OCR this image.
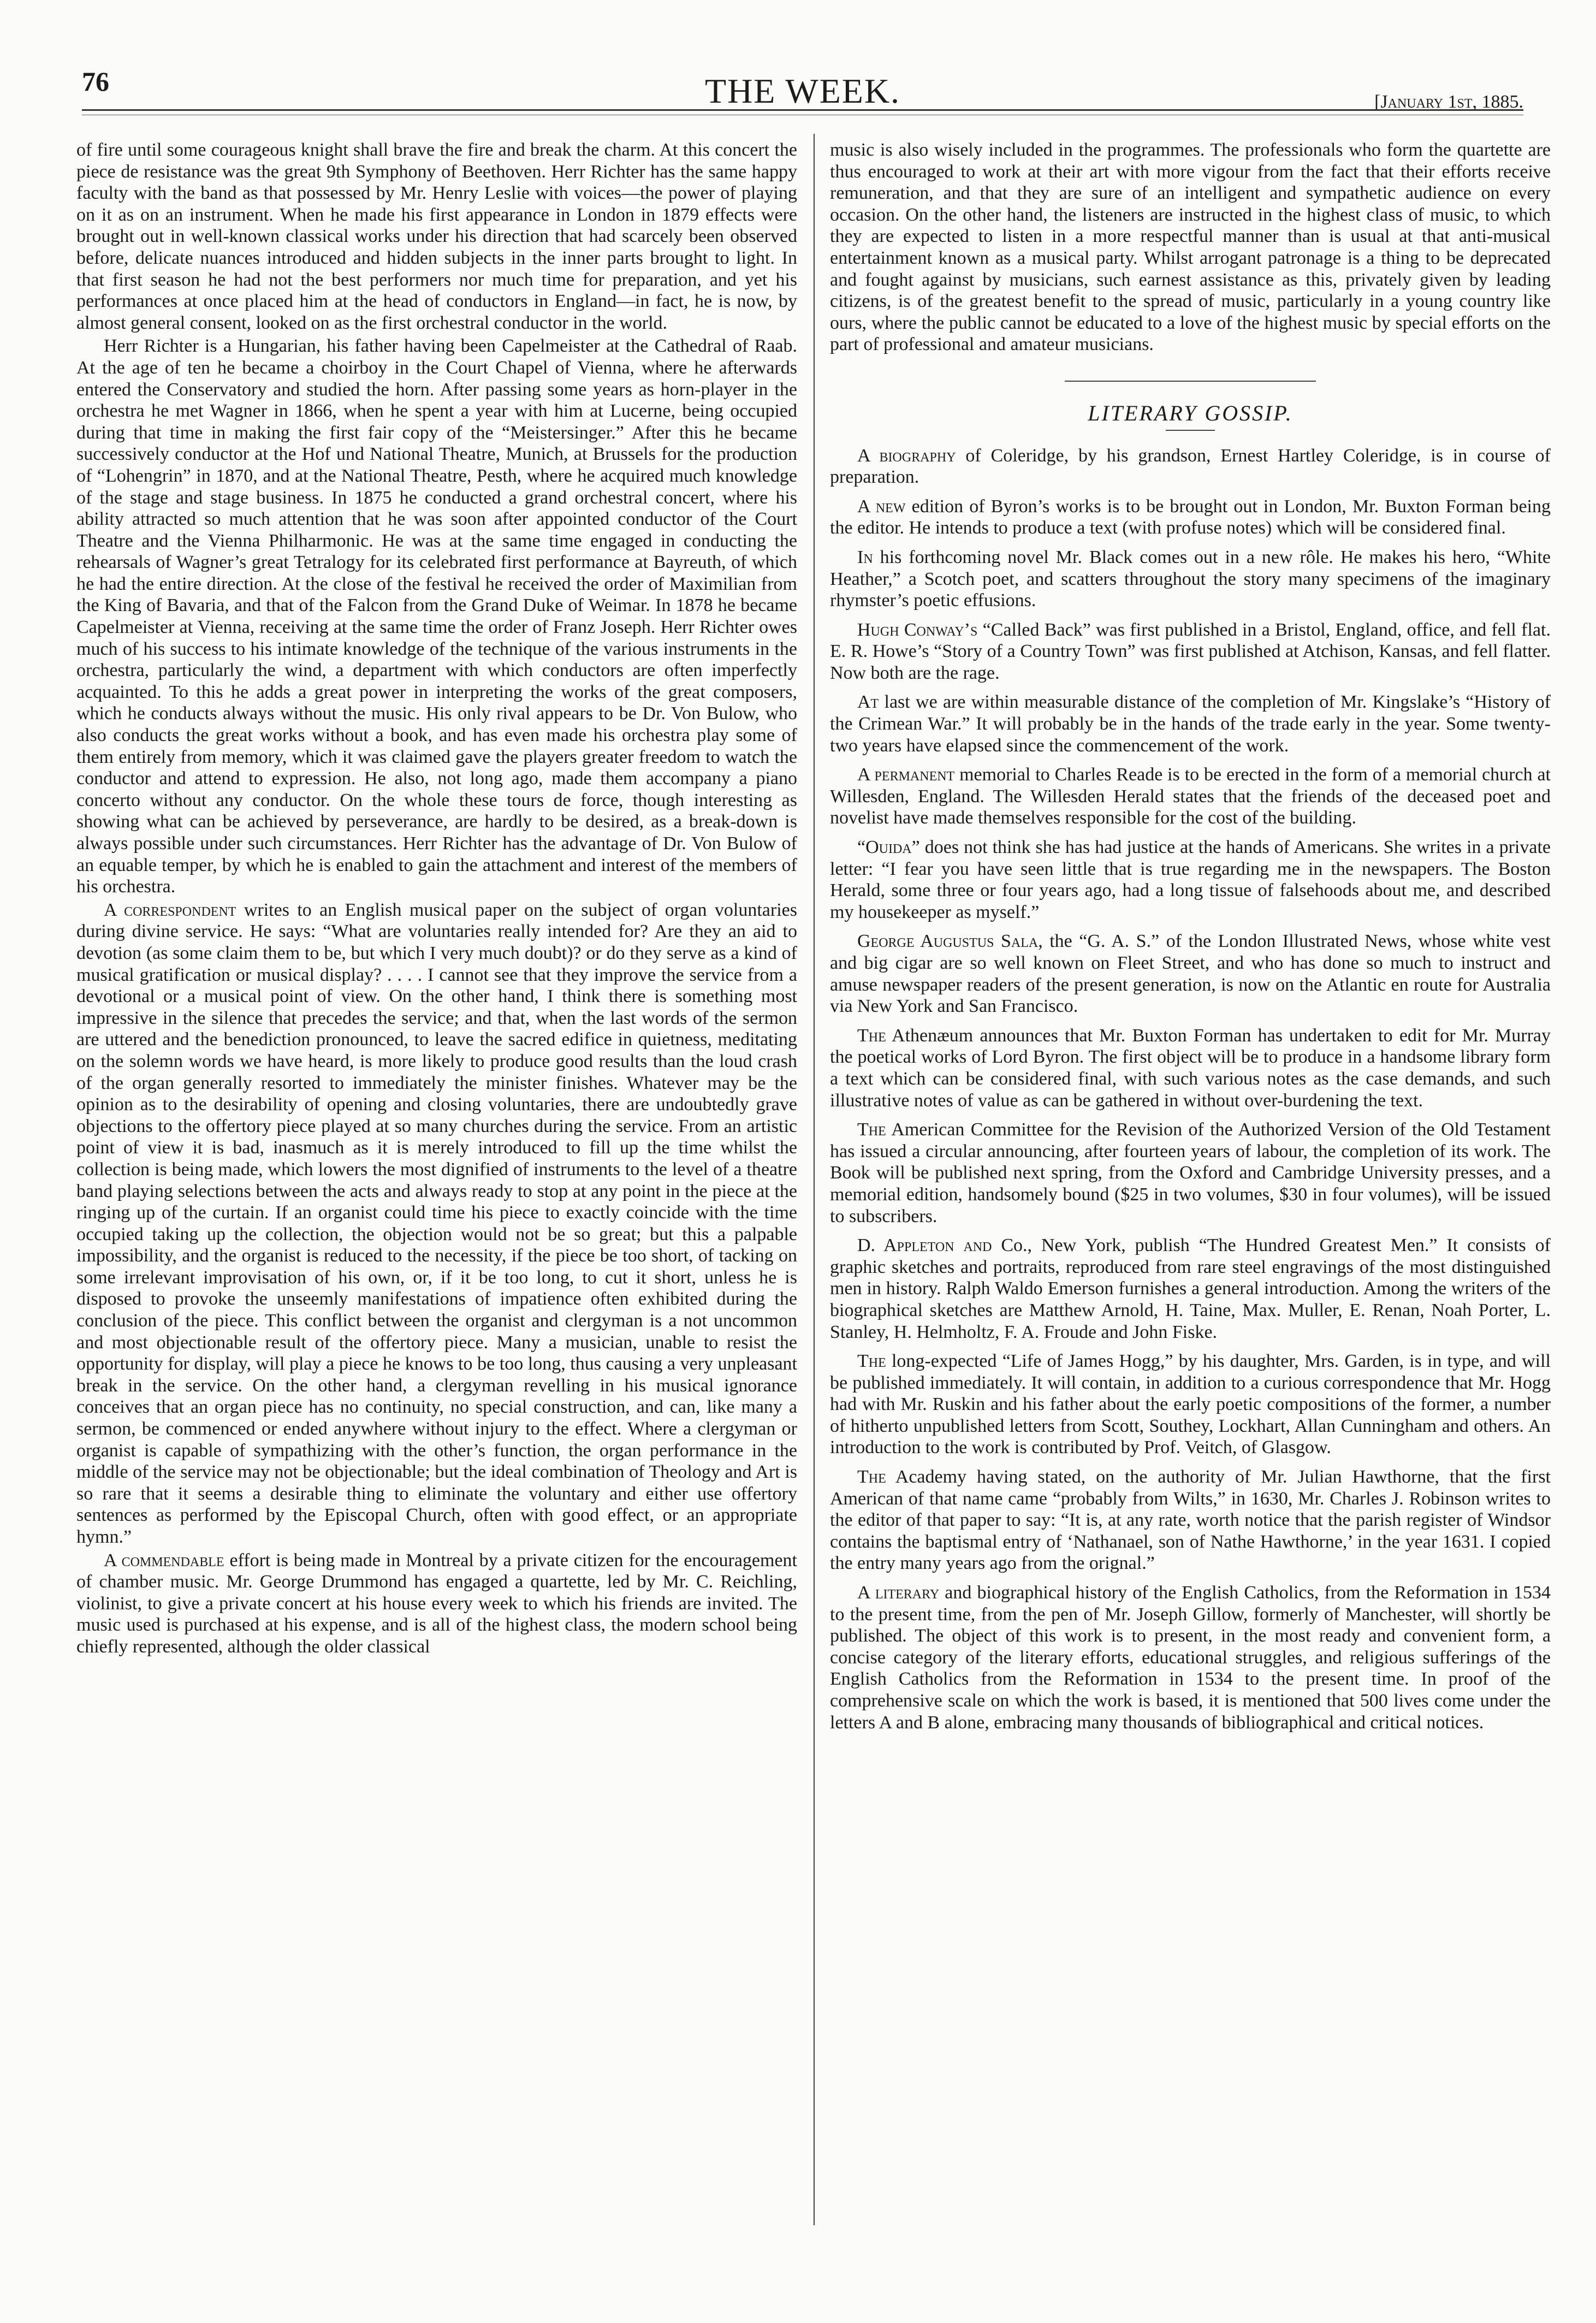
76	THE WEEK.	[January 1st, 1885.

of fire until some courageous knight shall brave the fire and break the charm. At this concert the piece de resistance was the great 9th Symphony of Beethoven. Herr Richter has the same happy faculty with the band as that possessed by Mr. Henry Leslie with voices—the power of playing on it as on an instrument. When he made his first appearance in London in 1879 effects were brought out in well-known classical works under his direction that had scarcely been observed before, delicate nuances introduced and hidden subjects in the inner parts brought to light. In that first season he had not the best performers nor much time for preparation, and yet his performances at once placed him at the head of conductors in England—in fact, he is now, by almost general consent, looked on as the first orchestral conductor in the world.

Herr Richter is a Hungarian, his father having been Capelmeister at the Cathedral of Raab. At the age of ten he became a choirboy in the Court Chapel of Vienna, where he afterwards entered the Conservatory and studied the horn. After passing some years as horn-player in the orchestra he met Wagner in 1866, when he spent a year with him at Lucerne, being occupied during that time in making the first fair copy of the “Meistersinger.” After this he became successively conductor at the Hof und National Theatre, Munich, at Brussels for the production of “Lohengrin” in 1870, and at the National Theatre, Pesth, where he acquired much knowledge of the stage and stage business. In 1875 he conducted a grand orchestral concert, where his ability attracted so much attention that he was soon after appointed conductor of the Court Theatre and the Vienna Philharmonic. He was at the same time engaged in conducting the rehearsals of Wagner’s great Tetralogy for its celebrated first performance at Bayreuth, of which he had the entire direction. At the close of the festival he received the order of Maximilian from the King of Bavaria, and that of the Falcon from the Grand Duke of Weimar. In 1878 he became Capelmeister at Vienna, receiving at the same time the order of Franz Joseph. Herr Richter owes much of his success to his intimate knowledge of the technique of the various instruments in the orchestra, particularly the wind, a department with which conductors are often imperfectly acquainted. To this he adds a great power in interpreting the works of the great composers, which he conducts always without the music. His only rival appears to be Dr. Von Bulow, who also conducts the great works without a book, and has even made his orchestra play some of them entirely from memory, which it was claimed gave the players greater freedom to watch the conductor and attend to expression. He also, not long ago, made them accompany a piano concerto without any conductor. On the whole these tours de force, though interesting as showing what can be achieved by perseverance, are hardly to be desired, as a break-down is always possible under such circumstances. Herr Richter has the advantage of Dr. Von Bulow of an equable temper, by which he is enabled to gain the attachment and interest of the members of his orchestra.

A correspondent writes to an English musical paper on the subject of organ voluntaries during divine service. He says: “What are voluntaries really intended for? Are they an aid to devotion (as some claim them to be, but which I very much doubt)? or do they serve as a kind of musical gratification or musical display? . . . . I cannot see that they improve the service from a devotional or a musical point of view. On the other hand, I think there is something most impressive in the silence that precedes the service; and that, when the last words of the sermon are uttered and the benediction pronounced, to leave the sacred edifice in quietness, meditating on the solemn words we have heard, is more likely to produce good results than the loud crash of the organ generally resorted to immediately the minister finishes. Whatever may be the opinion as to the desirability of opening and closing voluntaries, there are undoubtedly grave objections to the offertory piece played at so many churches during the service. From an artistic point of view it is bad, inasmuch as it is merely introduced to fill up the time whilst the collection is being made, which lowers the most dignified of instruments to the level of a theatre band playing selections between the acts and always ready to stop at any point in the piece at the ringing up of the curtain. If an organist could time his piece to exactly coincide with the time occupied taking up the collection, the objection would not be so great; but this a palpable impossibility, and the organist is reduced to the necessity, if the piece be too short, of tacking on some irrelevant improvisation of his own, or, if it be too long, to cut it short, unless he is disposed to provoke the unseemly manifestations of impatience often exhibited during the conclusion of the piece. This conflict between the organist and clergyman is a not uncommon and most objectionable result of the offertory piece. Many a musician, unable to resist the opportunity for display, will play a piece he knows to be too long, thus causing a very unpleasant break in the service. On the other hand, a clergyman revelling in his musical ignorance conceives that an organ piece has no continuity, no special construction, and can, like many a sermon, be commenced or ended anywhere without injury to the effect. Where a clergyman or organist is capable of sympathizing with the other’s function, the organ performance in the middle of the service may not be objectionable; but the ideal combination of Theology and Art is so rare that it seems a desirable thing to eliminate the voluntary and either use offertory sentences as performed by the Episcopal Church, often with good effect, or an appropriate hymn.”

A commendable effort is being made in Montreal by a private citizen for the encouragement of chamber music. Mr. George Drummond has engaged a quartette, led by Mr. C. Reichling, violinist, to give a private concert at his house every week to which his friends are invited. The music used is purchased at his expense, and is all of the highest class, the modern school being chiefly represented, although the older classical

music is also wisely included in the programmes. The professionals who form the quartette are thus encouraged to work at their art with more vigour from the fact that their efforts receive remuneration, and that they are sure of an intelligent and sympathetic audience on every occasion. On the other hand, the listeners are instructed in the highest class of music, to which they are expected to listen in a more respectful manner than is usual at that anti-musical entertainment known as a musical party. Whilst arrogant patronage is a thing to be deprecated and fought against by musicians, such earnest assistance as this, privately given by leading citizens, is of the greatest benefit to the spread of music, particularly in a young country like ours, where the public cannot be educated to a love of the highest music by special efforts on the part of professional and amateur musicians.

LITERARY GOSSIP.

A biography of Coleridge, by his grandson, Ernest Hartley Coleridge, is in course of preparation.

A new edition of Byron’s works is to be brought out in London, Mr. Buxton Forman being the editor. He intends to produce a text (with profuse notes) which will be considered final.

In his forthcoming novel Mr. Black comes out in a new rôle. He makes his hero, “White Heather,” a Scotch poet, and scatters throughout the story many specimens of the imaginary rhymster’s poetic effusions.

Hugh Conway’s “Called Back” was first published in a Bristol, England, office, and fell flat. E. R. Howe’s “Story of a Country Town” was first published at Atchison, Kansas, and fell flatter. Now both are the rage.

At last we are within measurable distance of the completion of Mr. Kingslake’s “History of the Crimean War.” It will probably be in the hands of the trade early in the year. Some twenty-two years have elapsed since the commencement of the work.

A permanent memorial to Charles Reade is to be erected in the form of a memorial church at Willesden, England. The Willesden Herald states that the friends of the deceased poet and novelist have made themselves responsible for the cost of the building.

“Ouida” does not think she has had justice at the hands of Americans. She writes in a private letter: “I fear you have seen little that is true regarding me in the newspapers. The Boston Herald, some three or four years ago, had a long tissue of falsehoods about me, and described my housekeeper as myself.”

George Augustus Sala, the “G. A. S.” of the London Illustrated News, whose white vest and big cigar are so well known on Fleet Street, and who has done so much to instruct and amuse newspaper readers of the present generation, is now on the Atlantic en route for Australia via New York and San Francisco.

The Athenæum announces that Mr. Buxton Forman has undertaken to edit for Mr. Murray the poetical works of Lord Byron. The first object will be to produce in a handsome library form a text which can be considered final, with such various notes as the case demands, and such illustrative notes of value as can be gathered in without over-burdening the text.

The American Committee for the Revision of the Authorized Version of the Old Testament has issued a circular announcing, after fourteen years of labour, the completion of its work. The Book will be published next spring, from the Oxford and Cambridge University presses, and a memorial edition, handsomely bound ($25 in two volumes, $30 in four volumes), will be issued to subscribers.

D. Appleton and Co., New York, publish “The Hundred Greatest Men.” It consists of graphic sketches and portraits, reproduced from rare steel engravings of the most distinguished men in history. Ralph Waldo Emerson furnishes a general introduction. Among the writers of the biographical sketches are Matthew Arnold, H. Taine, Max. Muller, E. Renan, Noah Porter, L. Stanley, H. Helmholtz, F. A. Froude and John Fiske.

The long-expected “Life of James Hogg,” by his daughter, Mrs. Garden, is in type, and will be published immediately. It will contain, in addition to a curious correspondence that Mr. Hogg had with Mr. Ruskin and his father about the early poetic compositions of the former, a number of hitherto unpublished letters from Scott, Southey, Lockhart, Allan Cunningham and others. An introduction to the work is contributed by Prof. Veitch, of Glasgow.

The Academy having stated, on the authority of Mr. Julian Hawthorne, that the first American of that name came “probably from Wilts,” in 1630, Mr. Charles J. Robinson writes to the editor of that paper to say: “It is, at any rate, worth notice that the parish register of Windsor contains the baptismal entry of ‘Nathanael, son of Nathe Hawthorne,’ in the year 1631. I copied the entry many years ago from the orignal.”

A literary and biographical history of the English Catholics, from the Reformation in 1534 to the present time, from the pen of Mr. Joseph Gillow, formerly of Manchester, will shortly be published. The object of this work is to present, in the most ready and convenient form, a concise category of the literary efforts, educational struggles, and religious sufferings of the English Catholics from the Reformation in 1534 to the present time. In proof of the comprehensive scale on which the work is based, it is mentioned that 500 lives come under the letters A and B alone, embracing many thousands of bibliographical and critical notices.
